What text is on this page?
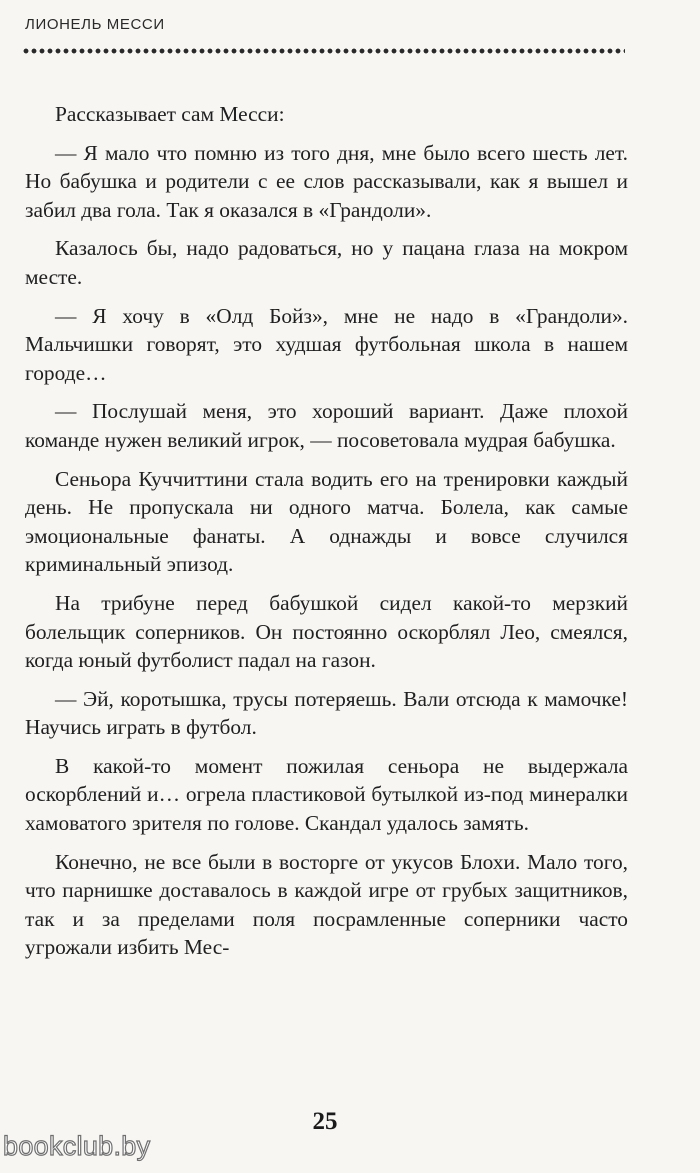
ЛИОНЕЛЬ МЕССИ

Рассказывает сам Месси:

— Я мало что помню из того дня, мне было всего шесть лет. Но бабушка и родители с ее слов рассказывали, как я вышел и забил два гола. Так я оказался в «Грандоли».

Казалось бы, надо радоваться, но у пацана глаза на мокром месте.

— Я хочу в «Олд Бойз», мне не надо в «Грандоли». Мальчишки говорят, это худшая футбольная школа в нашем городе…

— Послушай меня, это хороший вариант. Даже плохой команде нужен великий игрок, — посоветовала мудрая бабушка.

Сеньора Куччиттини стала водить его на тренировки каждый день. Не пропускала ни одного матча. Болела, как самые эмоциональные фанаты. А однажды и вовсе случился криминальный эпизод.

На трибуне перед бабушкой сидел какой-то мерзкий болельщик соперников. Он постоянно оскорблял Лео, смеялся, когда юный футболист падал на газон.

— Эй, коротышка, трусы потеряешь. Вали отсюда к мамочке! Научись играть в футбол.

В какой-то момент пожилая сеньора не выдержала оскорблений и… огрела пластиковой бутылкой из-под минералки хамоватого зрителя по голове. Скандал удалось замять.

Конечно, не все были в восторге от укусов Блохи. Мало того, что парнишке доставалось в каждой игре от грубых защитников, так и за пределами поля посрамленные соперники часто угрожали избить Мес-

25
bookclub.by
